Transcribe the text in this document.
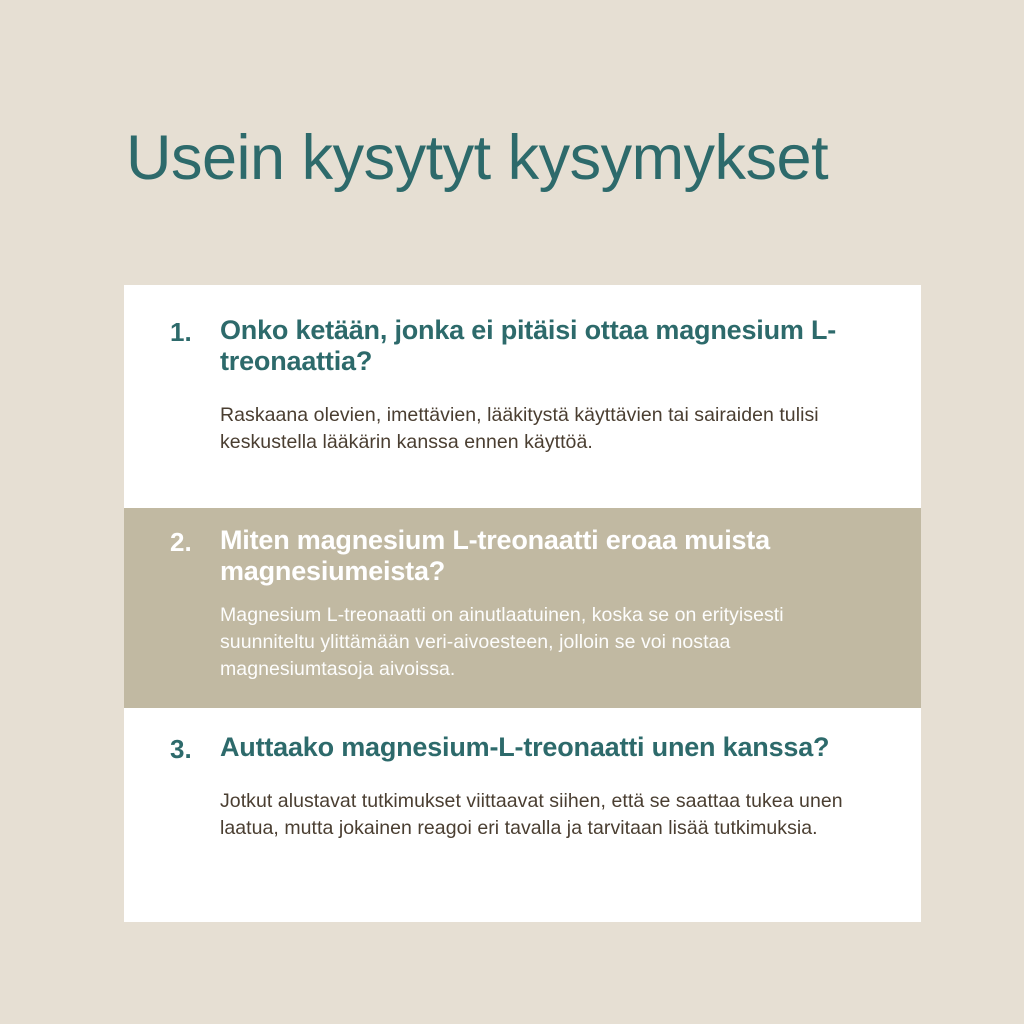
Usein kysytyt kysymykset
1.	Onko ketään, jonka ei pitäisi ottaa magnesium L-treonaattia?

Raskaana olevien, imettävien, lääkitystä käyttävien tai sairaiden tulisi keskustella lääkärin kanssa ennen käyttöä.

2.	Miten magnesium L-treonaatti eroaa muista magnesiumeista?

Magnesium L-treonaatti on ainutlaatuinen, koska se on erityisesti suunniteltu ylittämään veri-aivoesteen, jolloin se voi nostaa magnesiumtasoja aivoissa.

3.	Auttaako magnesium-L-treonaatti unen kanssa?

Jotkut alustavat tutkimukset viittaavat siihen, että se saattaa tukea unen laatua, mutta jokainen reagoi eri tavalla ja tarvitaan lisää tutkimuksia.
